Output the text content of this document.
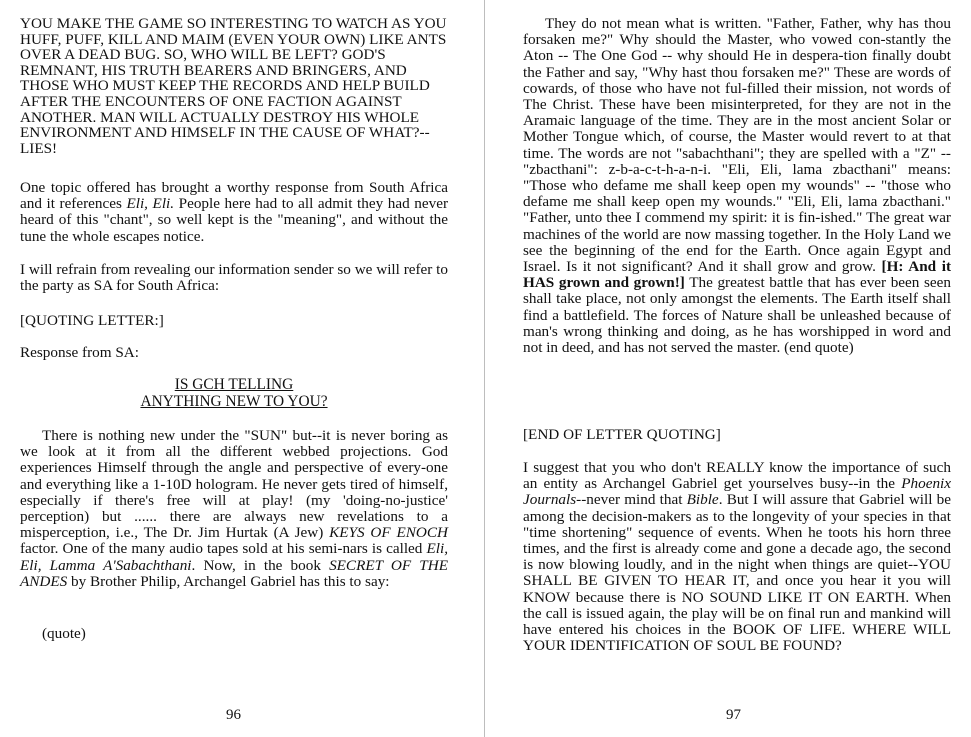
YOU MAKE THE GAME SO INTERESTING TO WATCH AS YOU HUFF, PUFF, KILL AND MAIM (EVEN YOUR OWN) LIKE ANTS OVER A DEAD BUG. SO, WHO WILL BE LEFT? GOD'S REMNANT, HIS TRUTH BEARERS AND BRINGERS, AND THOSE WHO MUST KEEP THE RECORDS AND HELP BUILD AFTER THE ENCOUNTERS OF ONE FACTION AGAINST ANOTHER. MAN WILL ACTUALLY DESTROY HIS WHOLE ENVIRONMENT AND HIMSELF IN THE CAUSE OF WHAT?--LIES!

One topic offered has brought a worthy response from South Africa and it references Eli, Eli. People here had to all admit they had never heard of this "chant", so well kept is the "meaning", and without the tune the whole escapes notice.

I will refrain from revealing our information sender so we will refer to the party as SA for South Africa:

[QUOTING LETTER:]

Response from SA:

IS GCH TELLING
ANYTHING NEW TO YOU?

There is nothing new under the "SUN" but--it is never boring as we look at it from all the different webbed projections. God experiences Himself through the angle and perspective of every-one and everything like a 1-10D hologram. He never gets tired of himself, especially if there's free will at play! (my 'doing-no-justice' perception) but ...... there are always new revelations to a misperception, i.e., The Dr. Jim Hurtak (A Jew) KEYS OF ENOCH factor. One of the many audio tapes sold at his semi-nars is called Eli, Eli, Lamma A'Sabachthani. Now, in the book SECRET OF THE ANDES by Brother Philip, Archangel Gabriel has this to say:

(quote)

96

They do not mean what is written. "Father, Father, why has thou forsaken me?" Why should the Master, who vowed con-stantly the Aton -- The One God -- why should He in despera-tion finally doubt the Father and say, "Why hast thou forsaken me?" These are words of cowards, of those who have not ful-filled their mission, not words of The Christ. These have been misinterpreted, for they are not in the Aramaic language of the time. They are in the most ancient Solar or Mother Tongue which, of course, the Master would revert to at that time. The words are not "sabachthani"; they are spelled with a "Z" -- "zbacthani": z-b-a-c-t-h-a-n-i. "Eli, Eli, lama zbacthani" means: "Those who defame me shall keep open my wounds" -- "those who defame me shall keep open my wounds." "Eli, Eli, lama zbacthani." "Father, unto thee I commend my spirit: it is fin-ished." The great war machines of the world are now massing together. In the Holy Land we see the beginning of the end for the Earth. Once again Egypt and Israel. Is it not significant? And it shall grow and grow. [H: And it HAS grown and grown!] The greatest battle that has ever been seen shall take place, not only amongst the elements. The Earth itself shall find a battlefield. The forces of Nature shall be unleashed because of man's wrong thinking and doing, as he has worshipped in word and not in deed, and has not served the master. (end quote)

[END OF LETTER QUOTING]

I suggest that you who don't REALLY know the importance of such an entity as Archangel Gabriel get yourselves busy--in the Phoenix Journals--never mind that Bible. But I will assure that Gabriel will be among the decision-makers as to the longevity of your species in that "time shortening" sequence of events. When he toots his horn three times, and the first is already come and gone a decade ago, the second is now blowing loudly, and in the night when things are quiet--YOU SHALL BE GIVEN TO HEAR IT, and once you hear it you will KNOW because there is NO SOUND LIKE IT ON EARTH. When the call is issued again, the play will be on final run and mankind will have entered his choices in the BOOK OF LIFE. WHERE WILL YOUR IDENTIFICATION OF SOUL BE FOUND?

97
